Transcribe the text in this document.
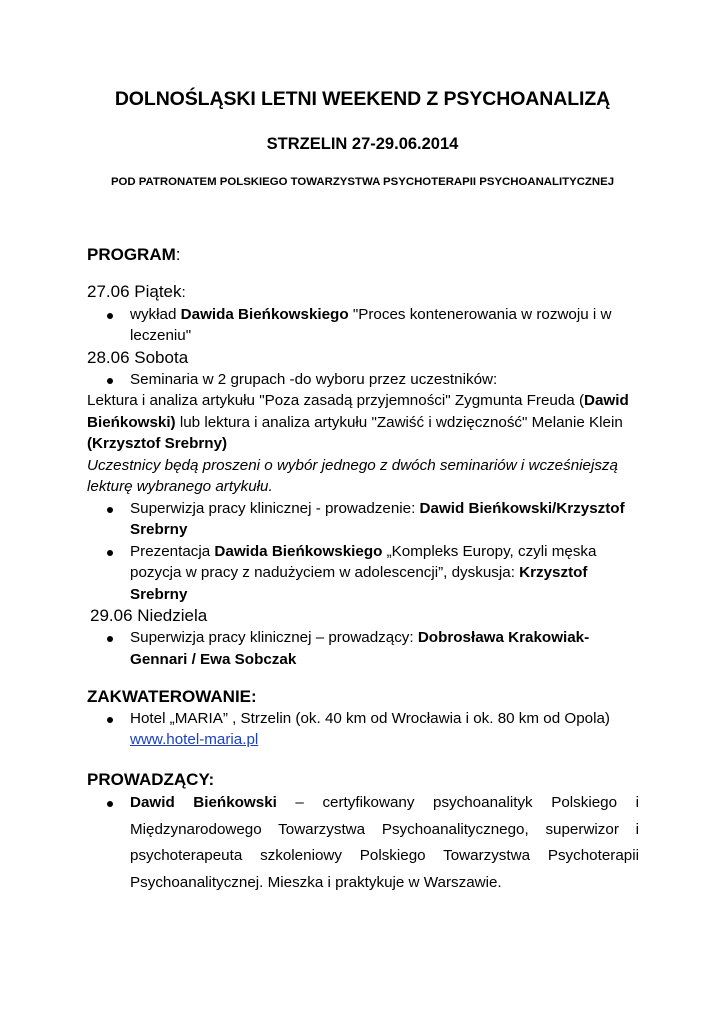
DOLNOŚLĄSKI LETNI WEEKEND Z PSYCHOANALIZĄ
STRZELIN 27-29.06.2014
POD PATRONATEM POLSKIEGO TOWARZYSTWA PSYCHOTERAPII PSYCHOANALITYCZNEJ

PROGRAM:

27.06 Piątek:

wykład Dawida Bieńkowskiego "Proces kontenerowania w rozwoju i w leczeniu"

28.06 Sobota

Seminaria w 2 grupach -do wyboru przez uczestników:

Lektura i analiza artykułu "Poza zasadą przyjemności" Zygmunta Freuda (Dawid Bieńkowski) lub lektura i analiza artykułu "Zawiść i wdzięczność" Melanie Klein (Krzysztof Srebrny)

Uczestnicy będą proszeni o wybór jednego z dwóch seminariów i wcześniejszą lekturę wybranego artykułu.

Superwizja pracy klinicznej - prowadzenie: Dawid Bieńkowski/Krzysztof Srebrny
Prezentacja Dawida Bieńkowskiego „Kompleks Europy, czyli męska pozycja w pracy z nadużyciem w adolescencji”, dyskusja: Krzysztof Srebrny

29.06 Niedziela

Superwizja pracy klinicznej – prowadzący: Dobrosława Krakowiak-Gennari / Ewa Sobczak

ZAKWATEROWANIE:

Hotel „MARIA” , Strzelin (ok. 40 km od Wrocławia i ok. 80 km od Opola)
www.hotel-maria.pl

PROWADZĄCY:

Dawid Bieńkowski – certyfikowany psychoanalityk Polskiego i Międzynarodowego Towarzystwa Psychoanalitycznego, superwizor i psychoterapeuta szkoleniowy Polskiego Towarzystwa Psychoterapii Psychoanalitycznej. Mieszka i praktykuje w Warszawie.
